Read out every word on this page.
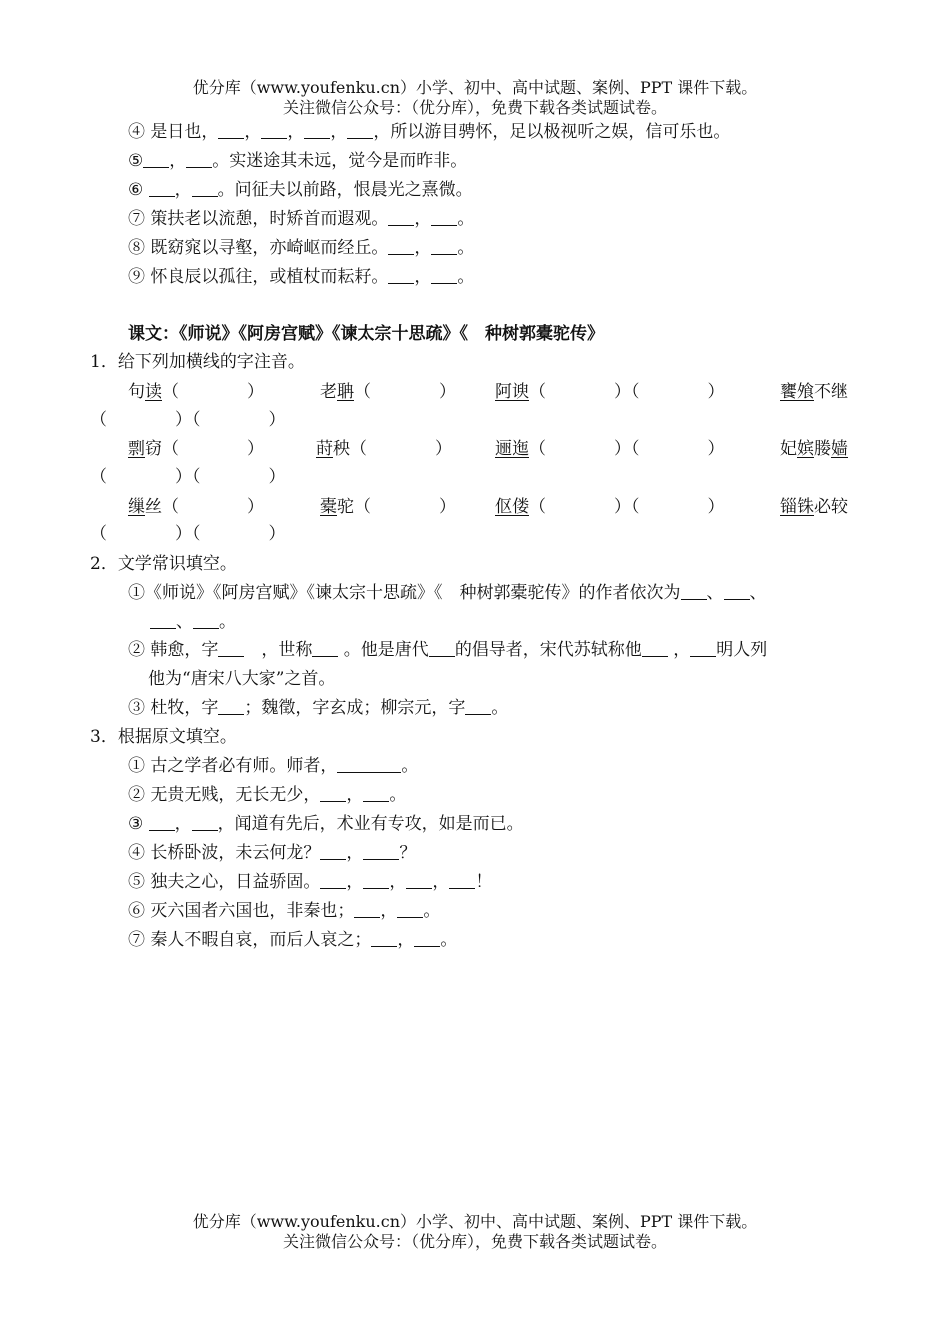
优分库（www.youfenku.cn）小学、初中、高中试题、案例、PPT 课件下载。
关注微信公众号：（优分库），免费下载各类试题试卷。
④ 是日也， ， ， ， ，所以游目骋怀，足以极视听之娱，信可乐也。
⑤ ， 。实迷途其未远，觉今是而昨非。
⑥ ， 。问征夫以前路，恨晨光之熹微。
⑦ 策扶老以流憩，时矫首而遐观。 ， 。
⑧ 既窈窕以寻壑，亦崎岖而经丘。 ， 。
⑨ 怀良辰以孤往，或植杖而耘耔。 ， 。
课文：《师说》《阿房宫赋》《谏太宗十思疏》《　种树郭橐驼传》
1．给下列加横线的字注音。
句读（　　　　）	老聃（　　　　） 阿谀（　　　　）（　　　　）	饔飧不继
（　　　　）（　　　　）
剽窃（　　　　）	莳秧（　　　　）	逦迤（　　　　）（　　　　）	妃嫔媵嫱
（　　　　）（　　　　）
缫丝（　　　　）	橐驼（　　　　） 伛偻（　　　　）（　　　　）	锱铢必较
（　　　　）（　　　　）
2．文学常识填空。
①《师说》《阿房宫赋》《谏太宗十思疏》《　种树郭橐驼传》的作者依次为 、 、
、 。
② 韩愈，字　，世称 。他是唐代 的倡导者，宋代苏轼称他 ， 明人列
他为“唐宋八大家”之首。
③ 杜牧，字 ；魏徵，字玄成；柳宗元，字 。
3．根据原文填空。
① 古之学者必有师。师者，	。
② 无贵无贱，无长无少， ， 。
③ ， ，闻道有先后，术业有专攻，如是而已。
④ 长桥卧波，未云何龙？ ， ？
⑤ 独夫之心，日益骄固。 ， ， ， ！
⑥ 灭六国者六国也，非秦也； ， 。
⑦ 秦人不暇自哀，而后人哀之； ， 。
优分库（www.youfenku.cn）小学、初中、高中试题、案例、PPT 课件下载。
关注微信公众号：（优分库），免费下载各类试题试卷。
